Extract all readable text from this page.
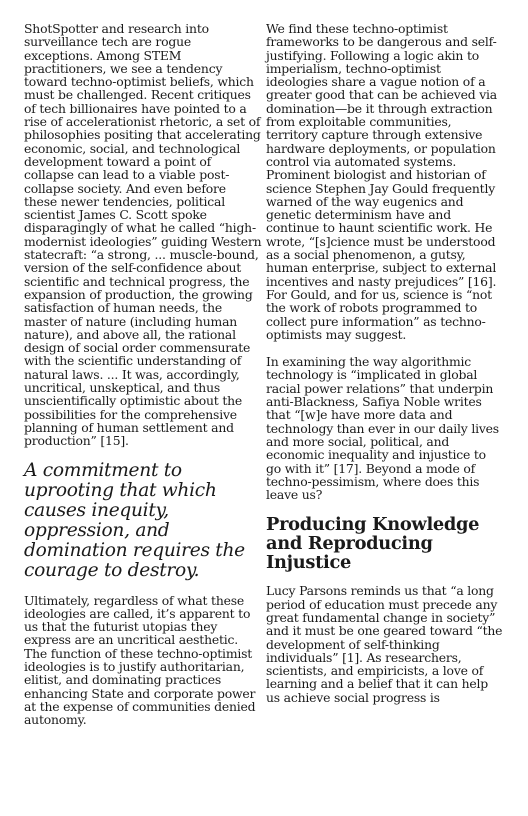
ShotSpotter and research into surveillance tech are rogue exceptions. Among STEM practitioners, we see a tendency toward techno-optimist beliefs, which must be challenged. Recent critiques of tech billionaires have pointed to a rise of accelerationist rhetoric, a set of philosophies positing that accelerating economic, social, and technological development toward a point of collapse can lead to a viable post-collapse society. And even before these newer tendencies, political scientist James C. Scott spoke disparagingly of what he called “high-modernist ideologies” guiding Western statecraft: “a strong, ... muscle-bound, version of the self-confidence about scientific and technical progress, the expansion of production, the growing satisfaction of human needs, the master of nature (including human nature), and above all, the rational design of social order commensurate with the scientific understanding of natural laws. ... It was, accordingly, uncritical, unskeptical, and thus unscientifically optimistic about the possibilities for the comprehensive planning of human settlement and production” [15].

A commitment to uprooting that which causes inequity, oppression, and domination requires the courage to destroy.

Ultimately, regardless of what these ideologies are called, it’s apparent to us that the futurist utopias they express are an uncritical aesthetic. The function of these techno-optimist ideologies is to justify authoritarian, elitist, and dominating practices enhancing State and corporate power at the expense of communities denied autonomy.

We find these techno-optimist frameworks to be dangerous and self-justifying. Following a logic akin to imperialism, techno-optimist ideologies share a vague notion of a greater good that can be achieved via domination—be it through extraction from exploitable communities, territory capture through extensive hardware deployments, or population control via automated systems. Prominent biologist and historian of science Stephen Jay Gould frequently warned of the way eugenics and genetic determinism have and continue to haunt scientific work. He wrote, “[s]cience must be understood as a social phenomenon, a gutsy, human enterprise, subject to external incentives and nasty prejudices” [16]. For Gould, and for us, science is “not the work of robots programmed to collect pure information” as techno-optimists may suggest.

In examining the way algorithmic technology is “implicated in global racial power relations” that underpin anti-Blackness, Safiya Noble writes that “[w]e have more data and technology than ever in our daily lives and more social, political, and economic inequality and injustice to go with it” [17]. Beyond a mode of techno-pessimism, where does this leave us?

Producing Knowledge and Reproducing Injustice

Lucy Parsons reminds us that “a long period of education must precede any great fundamental change in society” and it must be one geared toward “the development of self-thinking individuals” [1]. As researchers, scientists, and empiricists, a love of learning and a belief that it can help us achieve social progress is
